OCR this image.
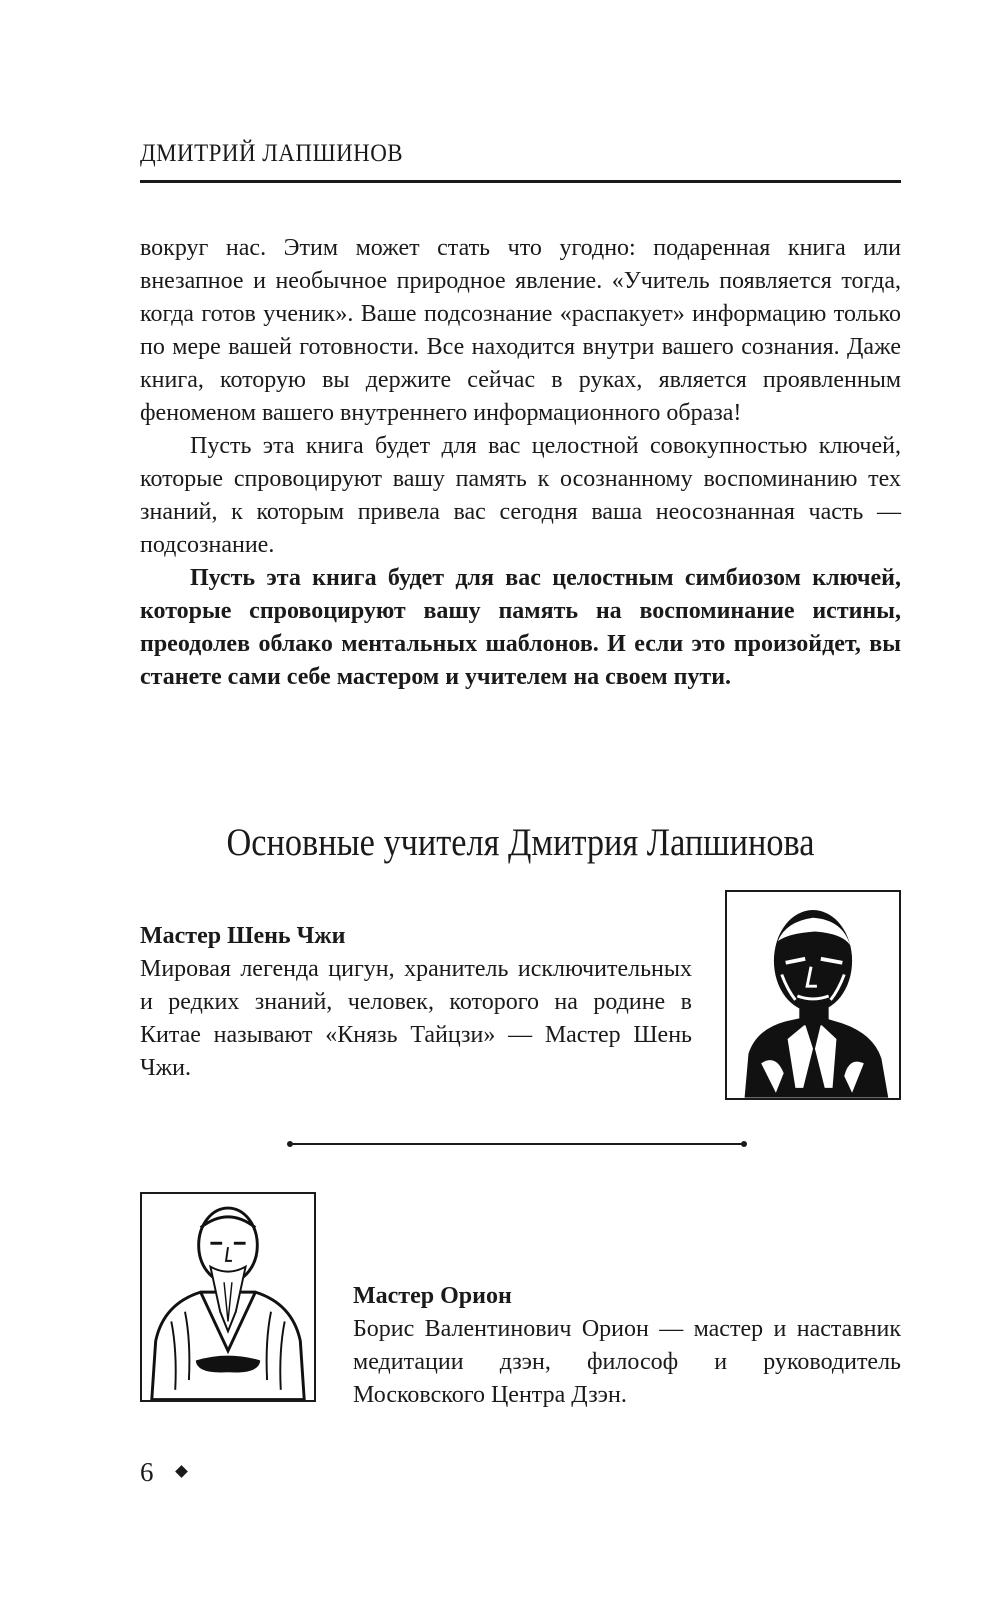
ДМИТРИЙ ЛАПШИНОВ

вокруг нас. Этим может стать что угодно: подаренная книга или внезапное и необычное природное явление. «Учитель появляется тогда, когда готов ученик». Ваше подсознание «распакует» информацию только по мере вашей готовности. Все находится внутри вашего сознания. Даже книга, которую вы держите сейчас в руках, является проявленным феноменом вашего внутреннего информационного образа!

Пусть эта книга будет для вас целостной совокупностью ключей, которые спровоцируют вашу память к осознанному воспоминанию тех знаний, к которым привела вас сегодня ваша неосознанная часть — подсознание.

Пусть эта книга будет для вас целостным симбиозом ключей, которые спровоцируют вашу память на воспоминание истины, преодолев облако ментальных шаблонов. И если это произойдет, вы станете сами себе мастером и учителем на своем пути.

Основные учителя Дмитрия Лапшинова

Мастер Шень Чжи

Мировая легенда цигун, хранитель исключительных и редких знаний, человек, которого на родине в Китае называют «Князь Тайцзи» — Мастер Шень Чжи.

Мастер Орион

Борис Валентинович Орион — мастер и наставник медитации дзэн, философ и руководитель Московского Центра Дзэн.

6
